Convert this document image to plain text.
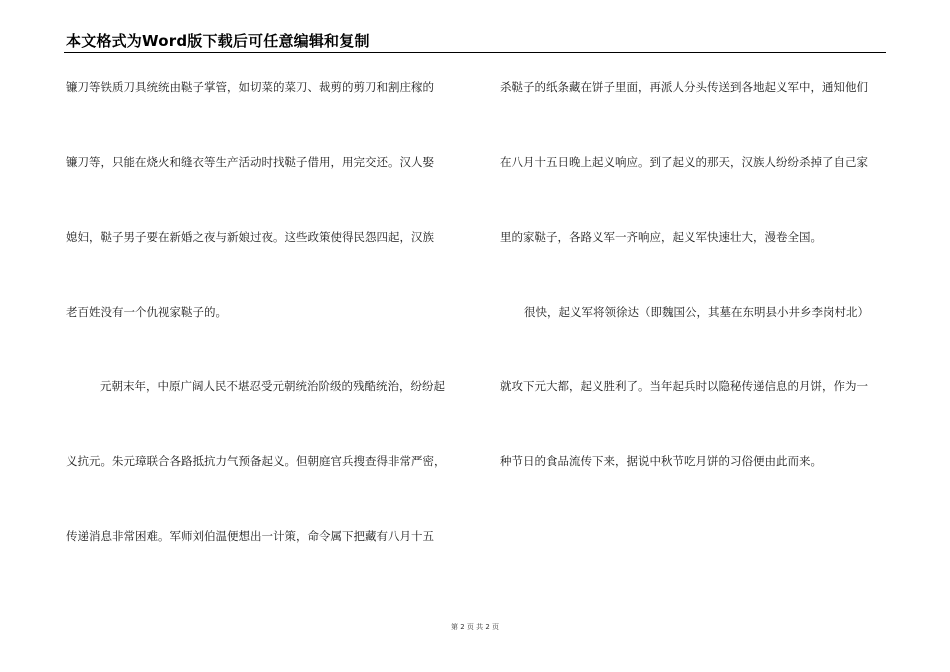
本文格式为Word版下载后可任意编辑和复制
镰刀等铁质刀具统统由鞑子掌管，如切菜的菜刀、裁剪的剪刀和割庄稼的
镰刀等，只能在烧火和缝衣等生产活动时找鞑子借用，用完交还。汉人娶
媳妇，鞑子男子要在新婚之夜与新娘过夜。这些政策使得民怨四起，汉族
老百姓没有一个仇视家鞑子的。
元朝末年，中原广阔人民不堪忍受元朝统治阶级的残酷统治，纷纷起
义抗元。朱元璋联合各路抵抗力气预备起义。但朝庭官兵搜查得非常严密，
传递消息非常困难。军师刘伯温便想出一计策，命令属下把藏有八月十五
杀鞑子的纸条藏在饼子里面，再派人分头传送到各地起义军中，通知他们
在八月十五日晚上起义响应。到了起义的那天，汉族人纷纷杀掉了自己家
里的家鞑子，各路义军一齐响应，起义军快速壮大，漫卷全国。
很快，起义军将领徐达（即魏国公，其墓在东明县小井乡李岗村北）
就攻下元大都，起义胜利了。当年起兵时以隐秘传递信息的月饼，作为一
种节日的食品流传下来，据说中秋节吃月饼的习俗便由此而来。
第 2 页 共 2 页
